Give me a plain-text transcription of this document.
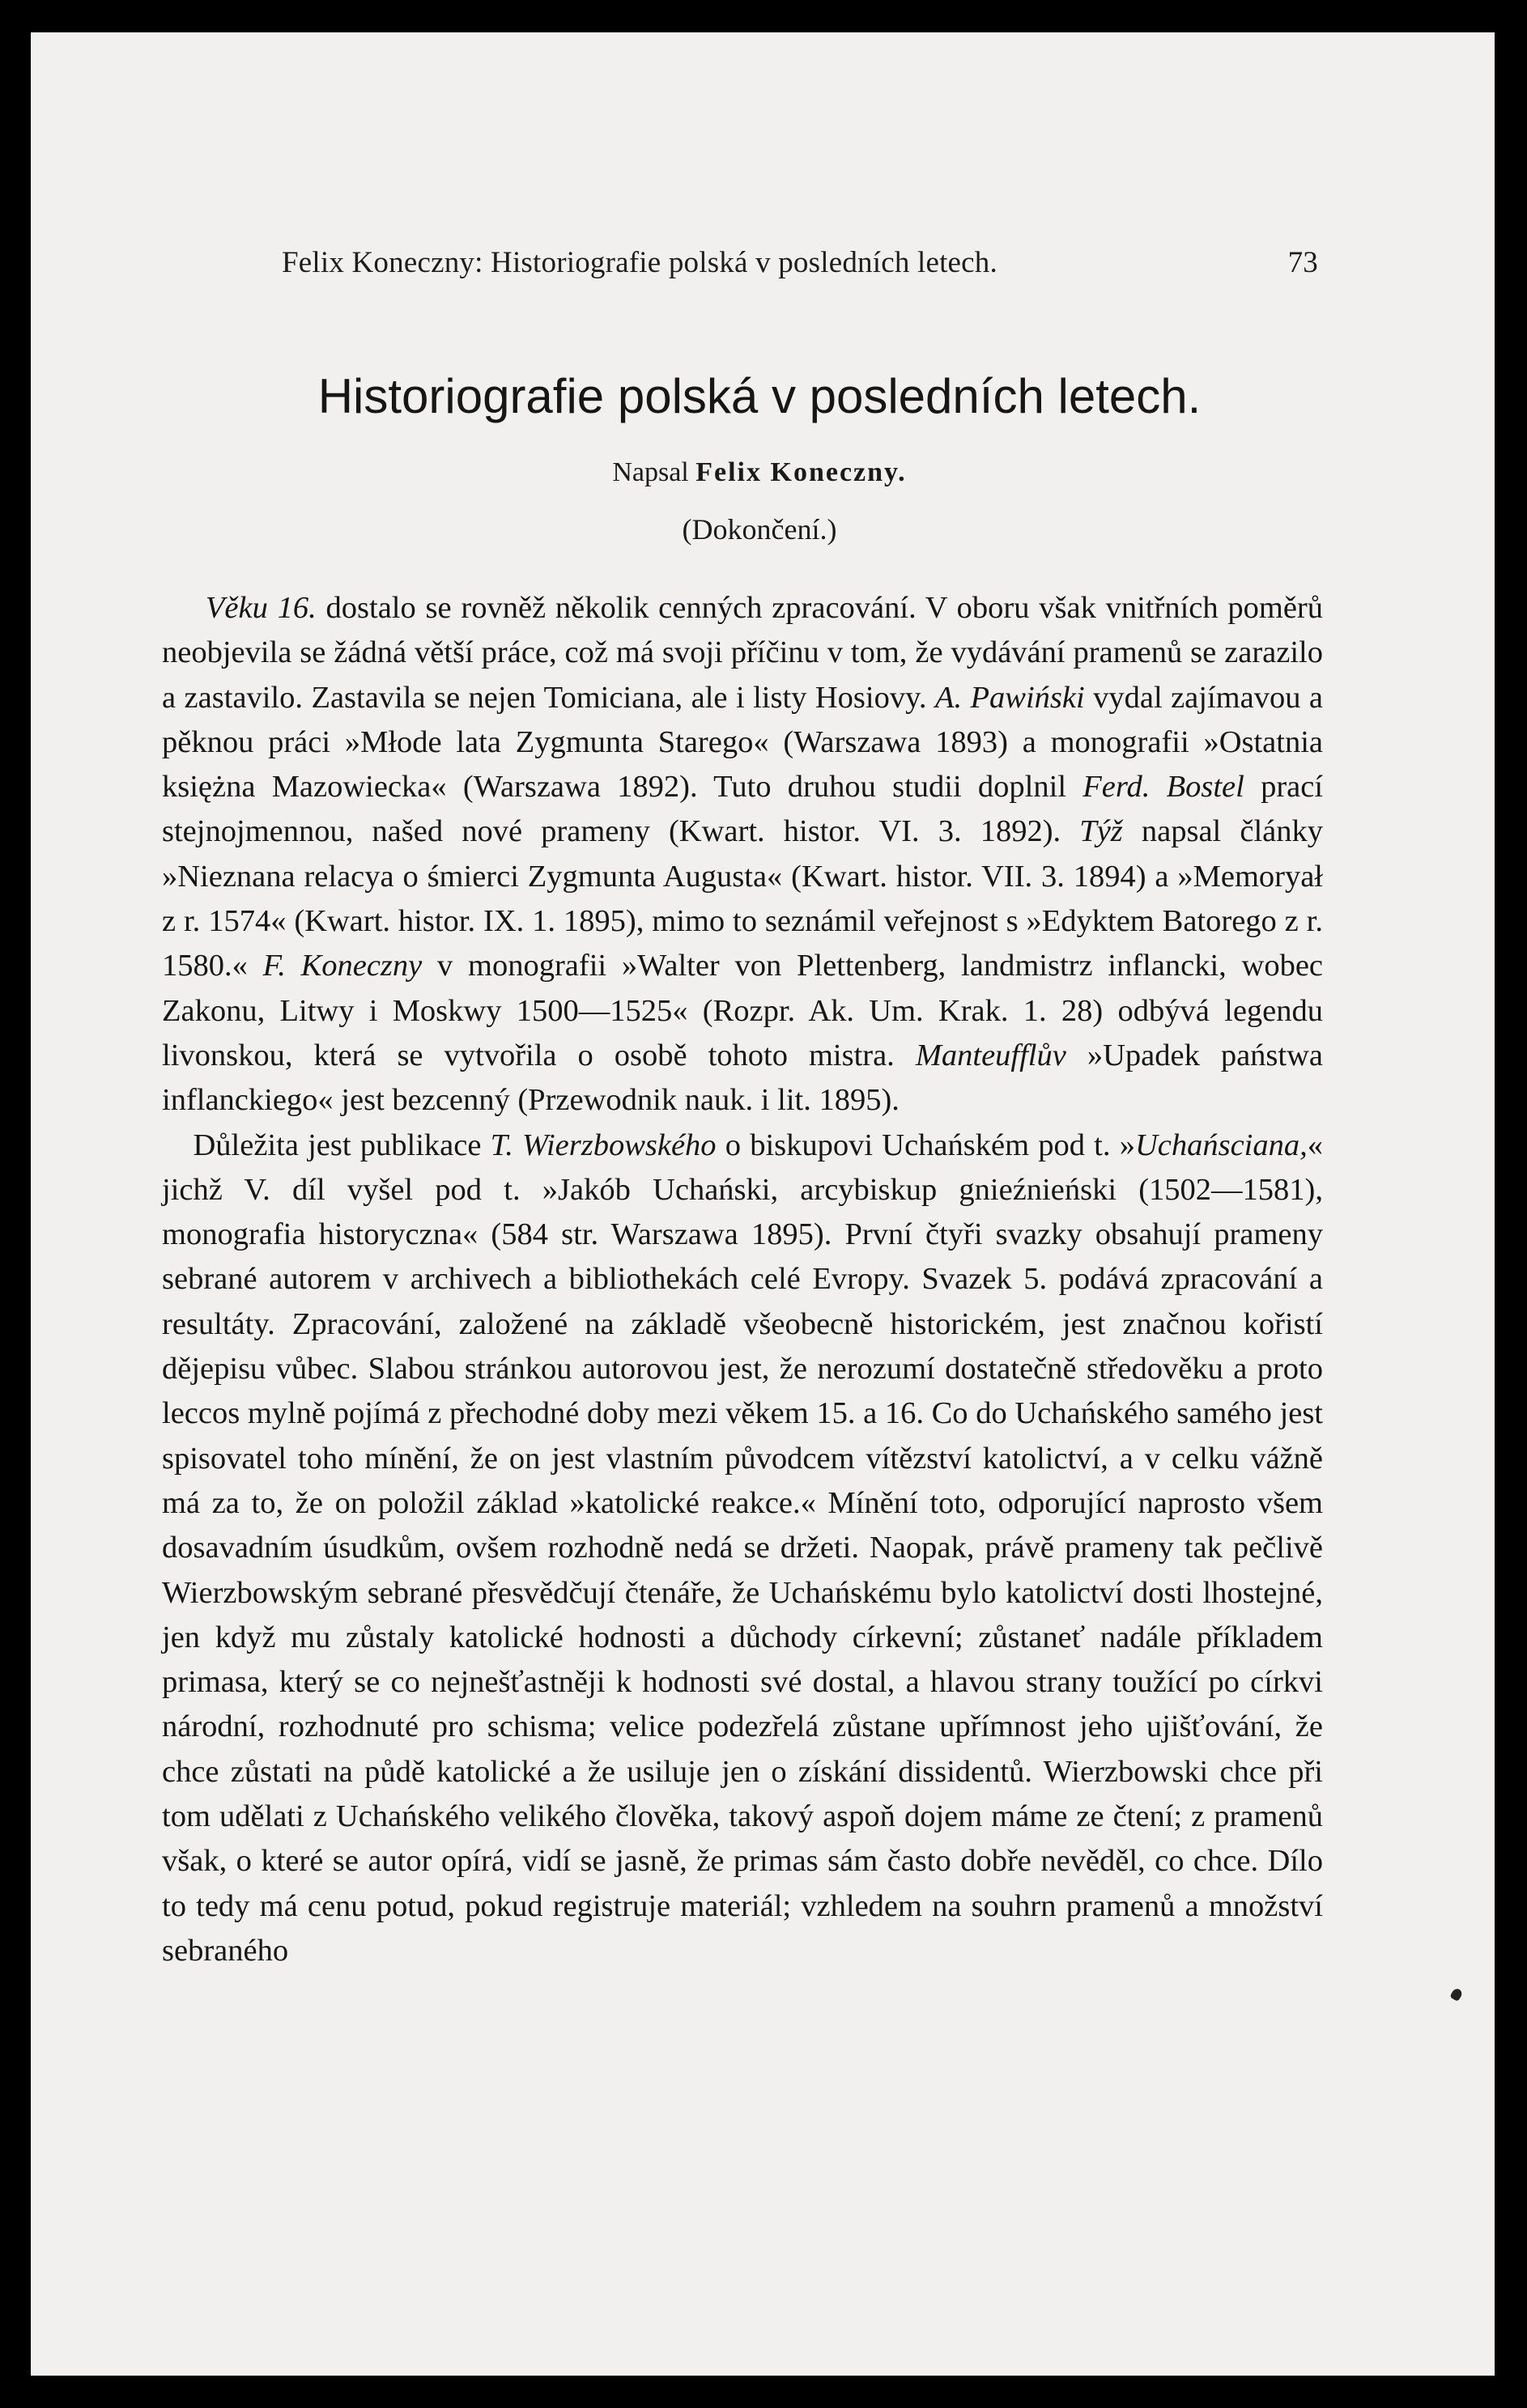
Felix Koneczny: Historiografie polská v posledních letech.	73
Historiografie polská v posledních letech.
Napsal Felix Koneczny.
(Dokončení.)

Věku 16. dostalo se rovněž několik cenných zpracování. V oboru však vnitřních poměrů neobjevila se žádná větší práce, což má svoji příčinu v tom, že vydávání pramenů se zarazilo a zastavilo. Zastavila se nejen Tomiciana, ale i listy Hosiovy. A. Pawiński vydal zajímavou a pěknou práci »Młode lata Zygmunta Starego« (Warszawa 1893) a monografii »Ostatnia księżna Mazowiecka« (Warszawa 1892). Tuto druhou studii doplnil Ferd. Bostel prací stejnojmennou, našed nové prameny (Kwart. histor. VI. 3. 1892). Týž napsal články »Nieznana relacya o śmierci Zygmunta Augusta« (Kwart. histor. VII. 3. 1894) a »Memoryał z r. 1574« (Kwart. histor. IX. 1. 1895), mimo to seznámil veřejnost s »Edyktem Batorego z r. 1580.« F. Koneczny v monografii »Walter von Plettenberg, landmistrz inflancki, wobec Zakonu, Litwy i Moskwy 1500—1525« (Rozpr. Ak. Um. Krak. 1. 28) odbývá legendu livonskou, která se vytvořila o osobě tohoto mistra. Manteufflův »Upadek państwa inflanckiego« jest bezcenný (Przewodnik nauk. i lit. 1895).

Důležita jest publikace T. Wierzbowského o biskupovi Uchańském pod t. »Uchańsciana,« jichž V. díl vyšel pod t. »Jakób Uchański, arcybiskup gnieźnieński (1502—1581), monografia historyczna« (584 str. Warszawa 1895). První čtyři svazky obsahují prameny sebrané autorem v archivech a bibliothekách celé Evropy. Svazek 5. podává zpracování a resultáty. Zpracování, založené na základě všeobecně historickém, jest značnou kořistí dějepisu vůbec. Slabou stránkou autorovou jest, že nerozumí dostatečně středověku a proto leccos mylně pojímá z přechodné doby mezi věkem 15. a 16. Co do Uchańského samého jest spisovatel toho mínění, že on jest vlastním původcem vítězství katolictví, a v celku vážně má za to, že on položil základ »katolické reakce.« Mínění toto, odporující naprosto všem dosavadním úsudkům, ovšem rozhodně nedá se držeti. Naopak, právě prameny tak pečlivě Wierzbowským sebrané přesvědčují čtenáře, že Uchańskému bylo katolictví dosti lhostejné, jen když mu zůstaly katolické hodnosti a důchody církevní; zůstaneť nadále příkladem primasa, který se co nejnešťastněji k hodnosti své dostal, a hlavou strany toužící po církvi národní, rozhodnuté pro schisma; velice podezřelá zůstane upřímnost jeho ujišťování, že chce zůstati na půdě katolické a že usiluje jen o získání dissidentů. Wierzbowski chce při tom udělati z Uchańského velikého člověka, takový aspoň dojem máme ze čtení; z pramenů však, o které se autor opírá, vidí se jasně, že primas sám často dobře nevěděl, co chce. Dílo to tedy má cenu potud, pokud registruje materiál; vzhledem na souhrn pramenů a množství sebraného
